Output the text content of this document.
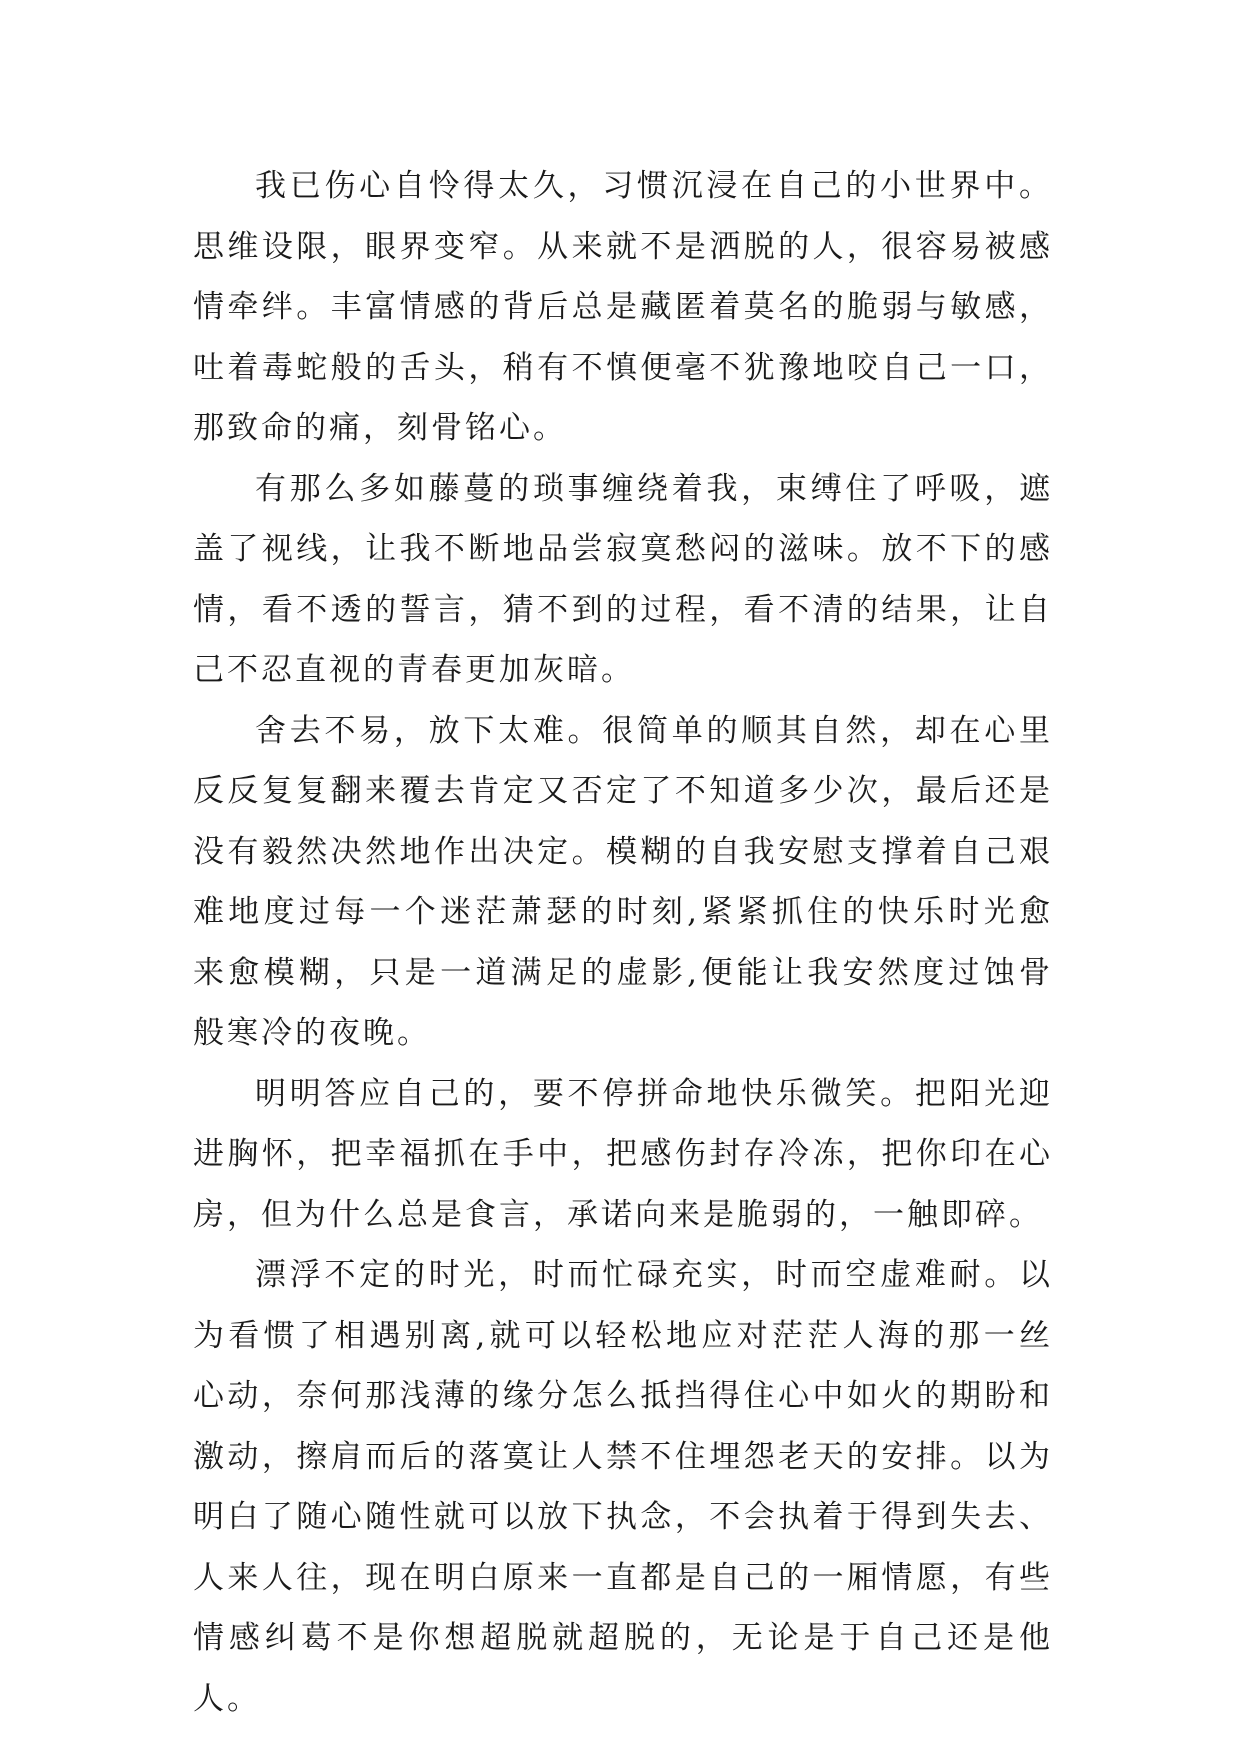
我已伤心自怜得太久，习惯沉浸在自己的小世界中。思维设限，眼界变窄。从来就不是洒脱的人，很容易被感情牵绊。丰富情感的背后总是藏匿着莫名的脆弱与敏感，吐着毒蛇般的舌头，稍有不慎便毫不犹豫地咬自己一口，那致命的痛，刻骨铭心。

有那么多如藤蔓的琐事缠绕着我，束缚住了呼吸，遮盖了视线，让我不断地品尝寂寞愁闷的滋味。放不下的感情，看不透的誓言，猜不到的过程，看不清的结果，让自己不忍直视的青春更加灰暗。

舍去不易，放下太难。很简单的顺其自然，却在心里反反复复翻来覆去肯定又否定了不知道多少次，最后还是没有毅然决然地作出决定。模糊的自我安慰支撑着自己艰难地度过每一个迷茫萧瑟的时刻,紧紧抓住的快乐时光愈来愈模糊，只是一道满足的虚影,便能让我安然度过蚀骨般寒冷的夜晚。

明明答应自己的，要不停拼命地快乐微笑。把阳光迎进胸怀，把幸福抓在手中，把感伤封存冷冻，把你印在心房，但为什么总是食言，承诺向来是脆弱的，一触即碎。

漂浮不定的时光，时而忙碌充实，时而空虚难耐。以为看惯了相遇别离,就可以轻松地应对茫茫人海的那一丝心动，奈何那浅薄的缘分怎么抵挡得住心中如火的期盼和激动，擦肩而后的落寞让人禁不住埋怨老天的安排。以为明白了随心随性就可以放下执念，不会执着于得到失去、人来人往，现在明白原来一直都是自己的一厢情愿，有些情感纠葛不是你想超脱就超脱的，无论是于自己还是他人。
